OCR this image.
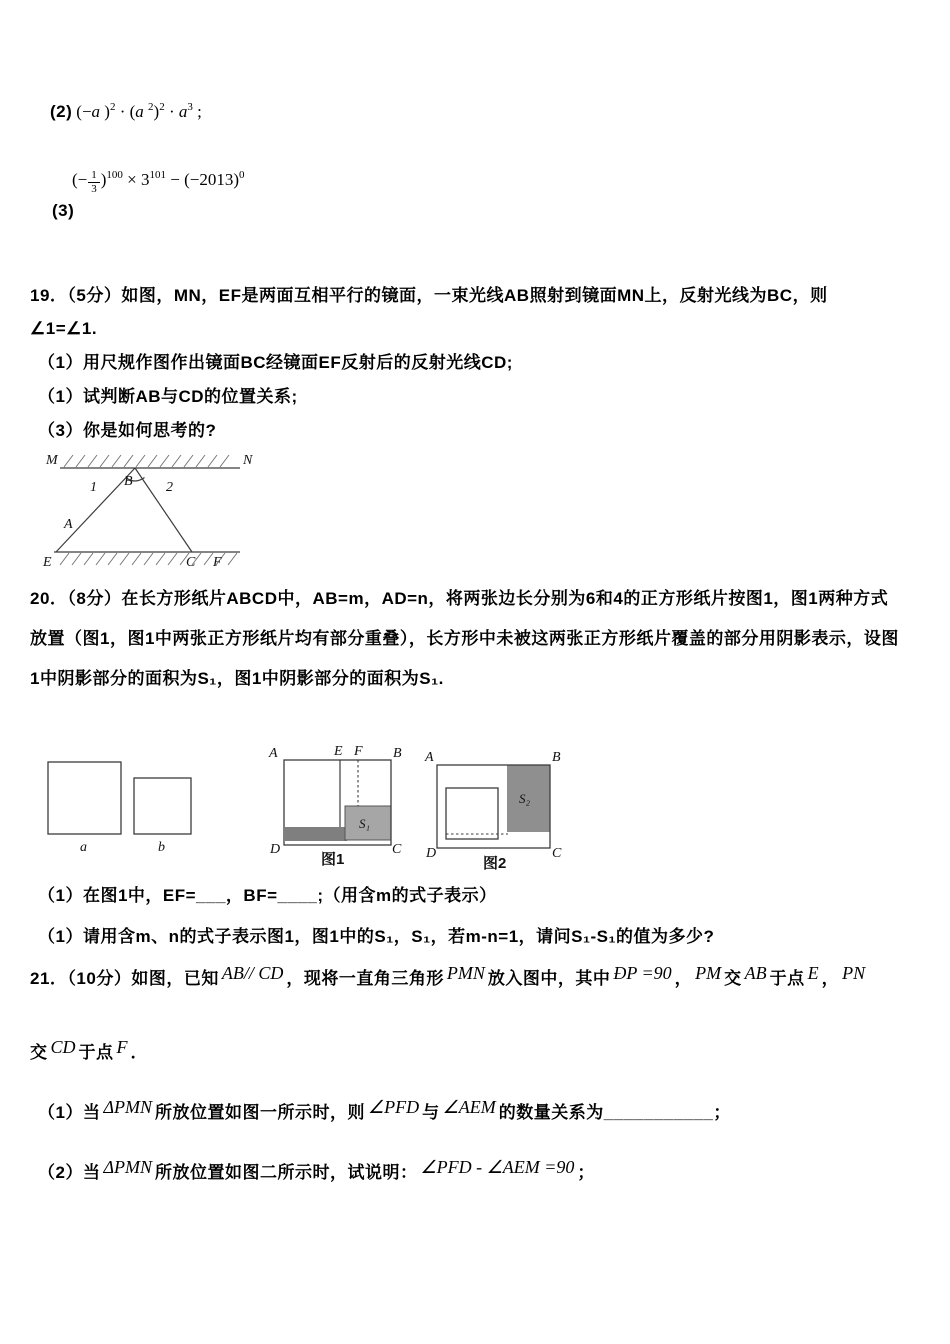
(2) (−a )$^2$ · (a $^2)^2 \cdot a^3$ ;
(− $\frac{1}{3} )^{100} \times 3^{101} - (-2013)^0$
(3)
19．（5分）如图，MN，EF是两面互相平行的镜面，一束光线AB照射到镜面MN上，反射光线为BC，则
∠1=∠1.
（1）用尺规作图作出镜面BC经镜面EF反射后的反射光线CD;
（1）试判断AB与CD的位置关系;
（3）你是如何思考的?
M	N
B
1	2
A
E	C F
20．（8分）在长方形纸片ABCD中，AB=m，AD=n，将两张边长分别为6和4的正方形纸片按图1，图1两种方式
放置（图1，图1中两张正方形纸片均有部分重叠），长方形中未被这两张正方形纸片覆盖的部分用阴影表示，设图
1中阴影部分的面积为S₁，图1中阴影部分的面积为S₁.
a	b
A	E F B
D	C
S₁
图1
A	B
D	C
S₂
图2
（1）在图1中，EF=___，BF=____;（用含m的式子表示）
（1）请用含m、n的式子表示图1，图1中的S₁，S₁，若m-n=1，请问S₁-S₁的值为多少?
21．（10分）如图，已知 AB// CD ，现将一直角三角形 PMN 放入图中，其中 ĐP =90 ， PM 交 AB 于点 E ， PN
交 CD 于点 F ．
（1）当 ΔPMN 所放位置如图一所示时，则 ∠PFD 与 ∠AEM 的数量关系为___________；
（2）当 ΔPMN 所放位置如图二所示时，试说明： ∠PFD - ∠AEM =90 ；
